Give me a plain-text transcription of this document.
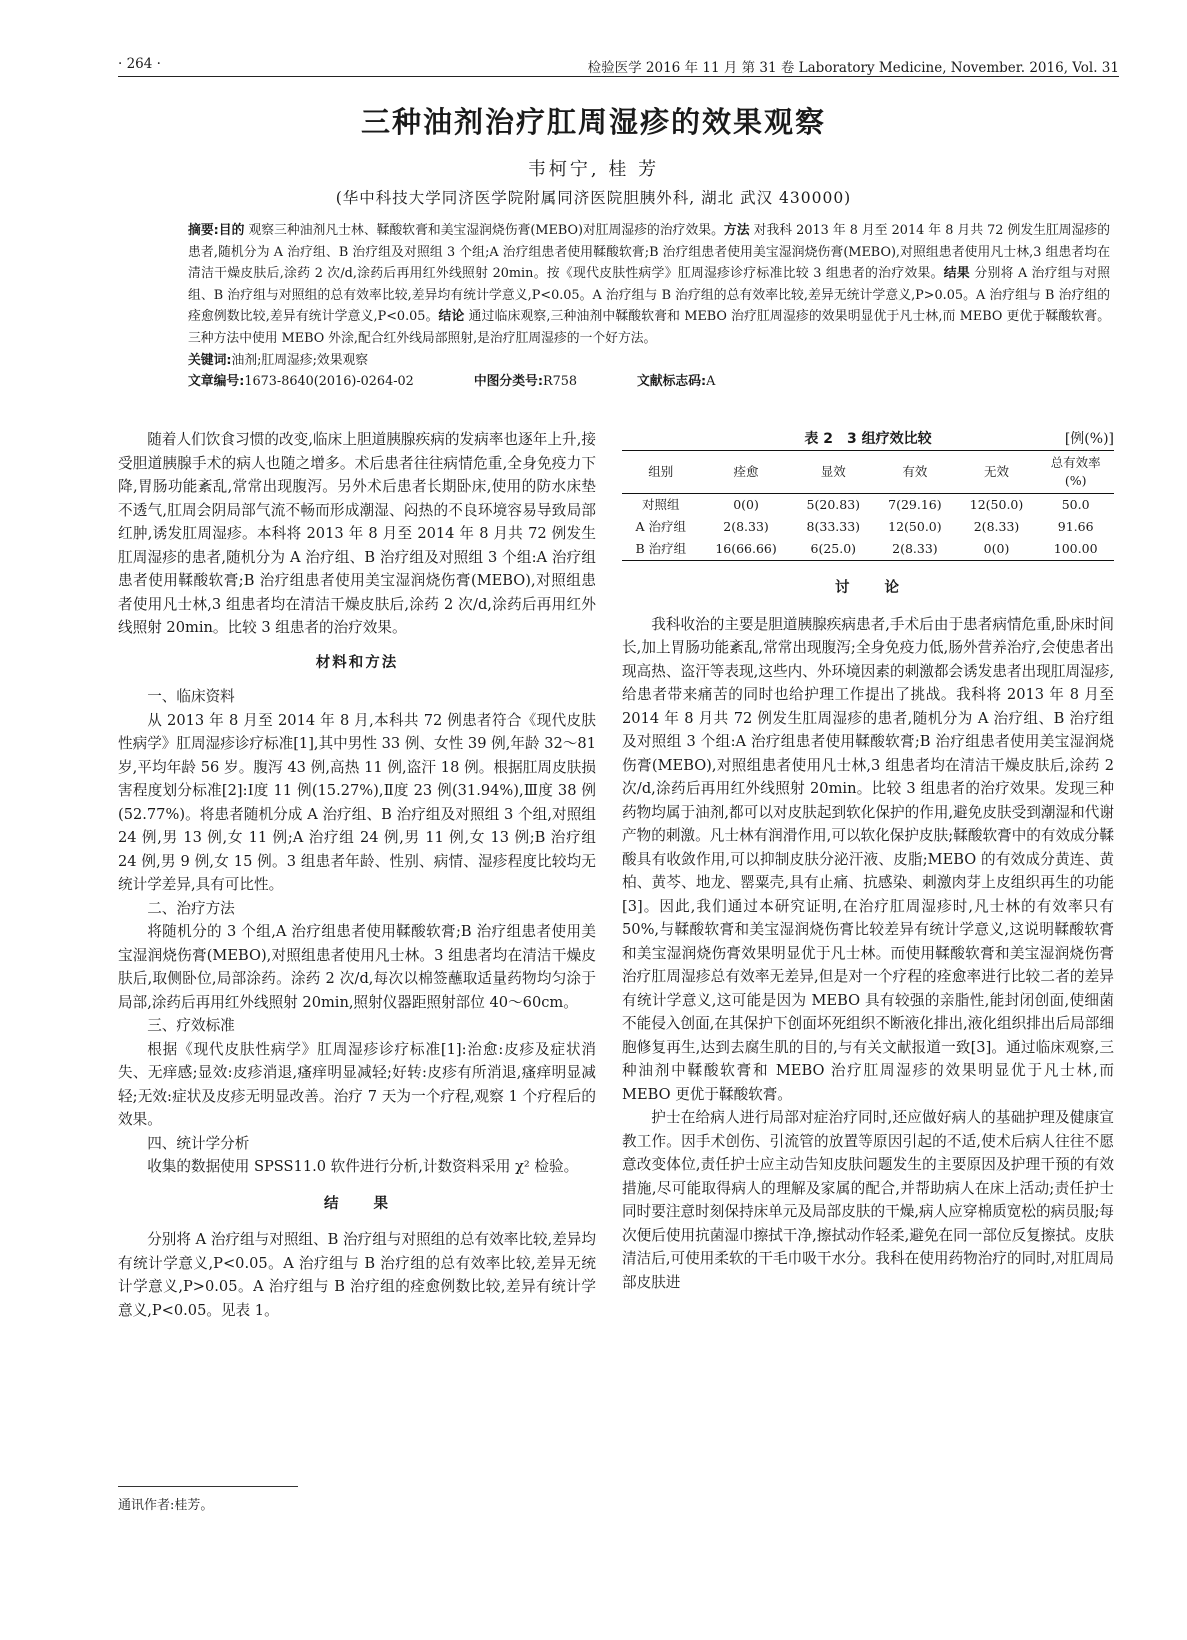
· 264 ·	检验医学 2016 年 11 月 第 31 卷 Laboratory Medicine, November. 2016, Vol. 31
三种油剂治疗肛周湿疹的效果观察
韦柯宁, 桂 芳
(华中科技大学同济医学院附属同济医院胆胰外科, 湖北 武汉 430000)

摘要:目的 观察三种油剂凡士林、鞣酸软膏和美宝湿润烧伤膏(MEBO)对肛周湿疹的治疗效果。方法 对我科 2013 年 8 月至 2014 年 8 月共 72 例发生肛周湿疹的患者,随机分为 A 治疗组、B 治疗组及对照组 3 个组;A 治疗组患者使用鞣酸软膏;B 治疗组患者使用美宝湿润烧伤膏(MEBO),对照组患者使用凡士林,3 组患者均在清洁干燥皮肤后,涂药 2 次/d,涂药后再用红外线照射 20min。按《现代皮肤性病学》肛周湿疹诊疗标准比较 3 组患者的治疗效果。结果 分别将 A 治疗组与对照组、B 治疗组与对照组的总有效率比较,差异均有统计学意义,P<0.05。A 治疗组与 B 治疗组的总有效率比较,差异无统计学意义,P>0.05。A 治疗组与 B 治疗组的痊愈例数比较,差异有统计学意义,P<0.05。结论 通过临床观察,三种油剂中鞣酸软膏和 MEBO 治疗肛周湿疹的效果明显优于凡士林,而 MEBO 更优于鞣酸软膏。三种方法中使用 MEBO 外涂,配合红外线局部照射,是治疗肛周湿疹的一个好方法。

关键词:油剂;肛周湿疹;效果观察

文章编号:1673-8640(2016)-0264-02	中图分类号:R758	文献标志码:A

随着人们饮食习惯的改变,临床上胆道胰腺疾病的发病率也逐年上升,接受胆道胰腺手术的病人也随之增多。术后患者往往病情危重,全身免疫力下降,胃肠功能紊乱,常常出现腹泻。另外术后患者长期卧床,使用的防水床垫不透气,肛周会阴局部气流不畅而形成潮湿、闷热的不良环境容易导致局部红肿,诱发肛周湿疹。本科将 2013 年 8 月至 2014 年 8 月共 72 例发生肛周湿疹的患者,随机分为 A 治疗组、B 治疗组及对照组 3 个组:A 治疗组患者使用鞣酸软膏;B 治疗组患者使用美宝湿润烧伤膏(MEBO),对照组患者使用凡士林,3 组患者均在清洁干燥皮肤后,涂药 2 次/d,涂药后再用红外线照射 20min。比较 3 组患者的治疗效果。

材料和方法
一、临床资料

从 2013 年 8 月至 2014 年 8 月,本科共 72 例患者符合《现代皮肤性病学》肛周湿疹诊疗标准[1],其中男性 33 例、女性 39 例,年龄 32～81 岁,平均年龄 56 岁。腹泻 43 例,高热 11 例,盗汗 18 例。根据肛周皮肤损害程度划分标准[2]:Ⅰ度 11 例(15.27%),Ⅱ度 23 例(31.94%),Ⅲ度 38 例(52.77%)。将患者随机分成 A 治疗组、B 治疗组及对照组 3 个组,对照组 24 例,男 13 例,女 11 例;A 治疗组 24 例,男 11 例,女 13 例;B 治疗组 24 例,男 9 例,女 15 例。3 组患者年龄、性别、病情、湿疹程度比较均无统计学差异,具有可比性。

二、治疗方法

将随机分的 3 个组,A 治疗组患者使用鞣酸软膏;B 治疗组患者使用美宝湿润烧伤膏(MEBO),对照组患者使用凡士林。3 组患者均在清洁干燥皮肤后,取侧卧位,局部涂药。涂药 2 次/d,每次以棉签蘸取适量药物均匀涂于局部,涂药后再用红外线照射 20min,照射仪器距照射部位 40～60cm。

三、疗效标准

根据《现代皮肤性病学》肛周湿疹诊疗标准[1]:治愈:皮疹及症状消失、无痒感;显效:皮疹消退,瘙痒明显减轻;好转:皮疹有所消退,瘙痒明显减轻;无效:症状及皮疹无明显改善。治疗 7 天为一个疗程,观察 1 个疗程后的效果。

四、统计学分析

收集的数据使用 SPSS11.0 软件进行分析,计数资料采用 χ² 检验。

结　　果

分别将 A 治疗组与对照组、B 治疗组与对照组的总有效率比较,差异均有统计学意义,P<0.05。A 治疗组与 B 治疗组的总有效率比较,差异无统计学意义,P>0.05。A 治疗组与 B 治疗组的痊愈例数比较,差异有统计学意义,P<0.05。见表 1。

表 2　3 组疗效比较	[例(%)]
组别	痊愈	显效	有效	无效	总有效率
(%)
对照组	0(0)	5(20.83)	7(29.16)	12(50.0)	50.0
A 治疗组	2(8.33)	8(33.33)	12(50.0)	2(8.33)	91.66
B 治疗组	16(66.66)	6(25.0)	2(8.33)	0(0)	100.00
讨　　论

我科收治的主要是胆道胰腺疾病患者,手术后由于患者病情危重,卧床时间长,加上胃肠功能紊乱,常常出现腹泻;全身免疫力低,肠外营养治疗,会使患者出现高热、盗汗等表现,这些内、外环境因素的刺激都会诱发患者出现肛周湿疹,给患者带来痛苦的同时也给护理工作提出了挑战。我科将 2013 年 8 月至 2014 年 8 月共 72 例发生肛周湿疹的患者,随机分为 A 治疗组、B 治疗组及对照组 3 个组:A 治疗组患者使用鞣酸软膏;B 治疗组患者使用美宝湿润烧伤膏(MEBO),对照组患者使用凡士林,3 组患者均在清洁干燥皮肤后,涂药 2 次/d,涂药后再用红外线照射 20min。比较 3 组患者的治疗效果。发现三种药物均属于油剂,都可以对皮肤起到软化保护的作用,避免皮肤受到潮湿和代谢产物的刺激。凡士林有润滑作用,可以软化保护皮肤;鞣酸软膏中的有效成分鞣酸具有收敛作用,可以抑制皮肤分泌汗液、皮脂;MEBO 的有效成分黄连、黄柏、黄芩、地龙、罂粟壳,具有止痛、抗感染、刺激肉芽上皮组织再生的功能[3]。因此,我们通过本研究证明,在治疗肛周湿疹时,凡士林的有效率只有 50%,与鞣酸软膏和美宝湿润烧伤膏比较差异有统计学意义,这说明鞣酸软膏和美宝湿润烧伤膏效果明显优于凡士林。而使用鞣酸软膏和美宝湿润烧伤膏治疗肛周湿疹总有效率无差异,但是对一个疗程的痊愈率进行比较二者的差异有统计学意义,这可能是因为 MEBO 具有较强的亲脂性,能封闭创面,使细菌不能侵入创面,在其保护下创面坏死组织不断液化排出,液化组织排出后局部细胞修复再生,达到去腐生肌的目的,与有关文献报道一致[3]。通过临床观察,三种油剂中鞣酸软膏和 MEBO 治疗肛周湿疹的效果明显优于凡士林,而 MEBO 更优于鞣酸软膏。

护士在给病人进行局部对症治疗同时,还应做好病人的基础护理及健康宣教工作。因手术创伤、引流管的放置等原因引起的不适,使术后病人往往不愿意改变体位,责任护士应主动告知皮肤问题发生的主要原因及护理干预的有效措施,尽可能取得病人的理解及家属的配合,并帮助病人在床上活动;责任护士同时要注意时刻保持床单元及局部皮肤的干燥,病人应穿棉质宽松的病员服;每次便后使用抗菌湿巾擦拭干净,擦拭动作轻柔,避免在同一部位反复擦拭。皮肤清洁后,可使用柔软的干毛巾吸干水分。我科在使用药物治疗的同时,对肛周局部皮肤进

通讯作者:桂芳。
